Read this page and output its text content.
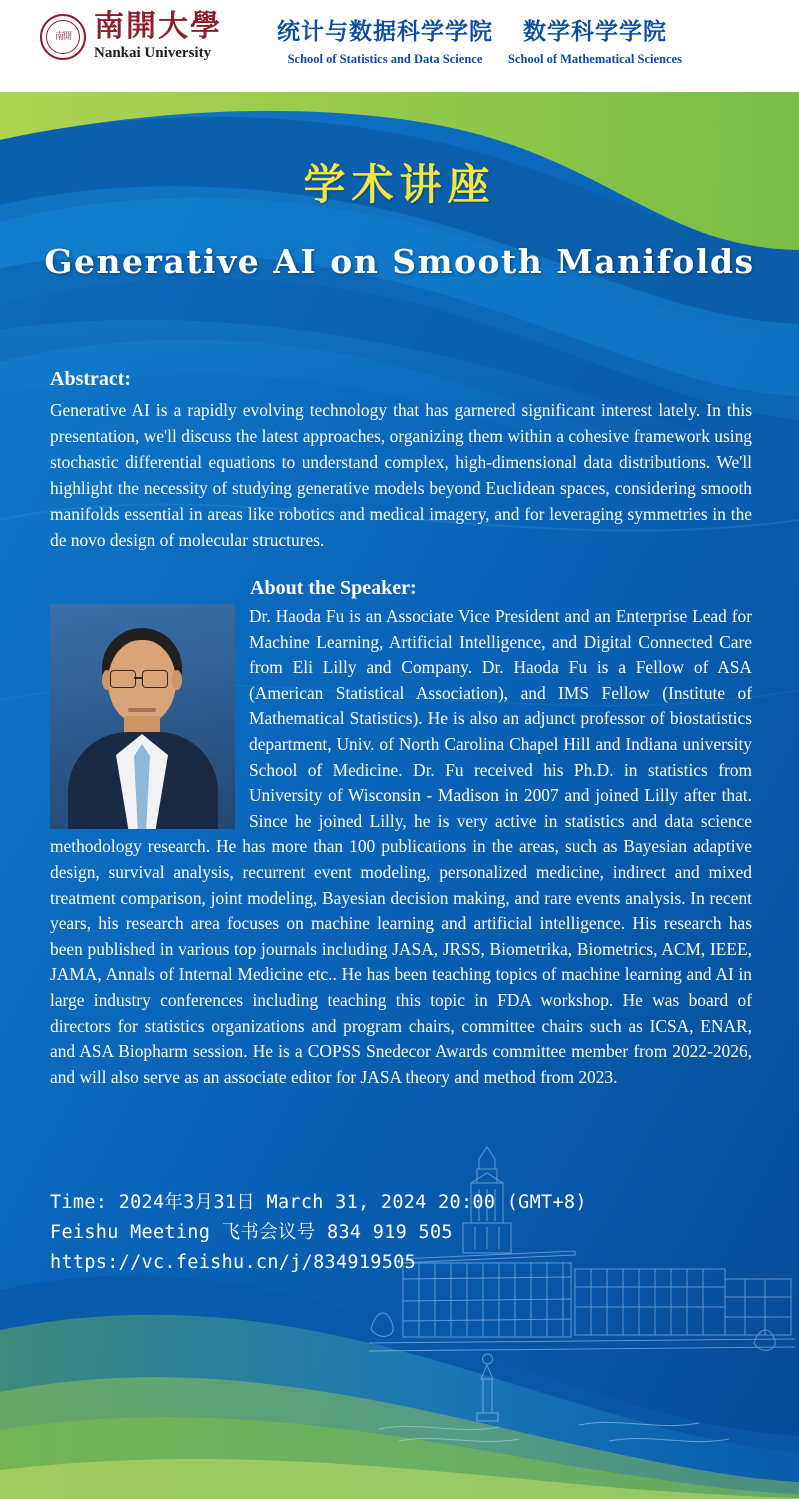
南開 南開大學
Nankai University
统计与数据科学学院
School of Statistics and Data Science
数学科学学院
School of Mathematical Sciences
学术讲座
Generative AI on Smooth Manifolds
Abstract:

Generative AI is a rapidly evolving technology that has garnered significant interest lately. In this presentation, we'll discuss the latest approaches, organizing them within a cohesive framework using stochastic differential equations to understand complex, high-dimensional data distributions. We'll highlight the necessity of studying generative models beyond Euclidean spaces, considering smooth manifolds essential in areas like robotics and medical imagery, and for leveraging symmetries in the de novo design of molecular structures.

About the Speaker:

Dr. Haoda Fu is an Associate Vice President and an Enterprise Lead for Machine Learning, Artificial Intelligence, and Digital Connected Care from Eli Lilly and Company. Dr. Haoda Fu is a Fellow of ASA (American Statistical Association), and IMS Fellow (Institute of Mathematical Statistics). He is also an adjunct professor of biostatistics department, Univ. of North Carolina Chapel Hill and Indiana university School of Medicine. Dr. Fu received his Ph.D. in statistics from University of Wisconsin - Madison in 2007 and joined Lilly after that. Since he joined Lilly, he is very active in statistics and data science methodology research. He has more than 100 publications in the areas, such as Bayesian adaptive design, survival analysis, recurrent event modeling, personalized medicine, indirect and mixed treatment comparison, joint modeling, Bayesian decision making, and rare events analysis. In recent years, his research area focuses on machine learning and artificial intelligence. His research has been published in various top journals including JASA, JRSS, Biometrika, Biometrics, ACM, IEEE, JAMA, Annals of Internal Medicine etc.. He has been teaching topics of machine learning and AI in large industry conferences including teaching this topic in FDA workshop. He was board of directors for statistics organizations and program chairs, committee chairs such as ICSA, ENAR, and ASA Biopharm session. He is a COPSS Snedecor Awards committee member from 2022-2026, and will also serve as an associate editor for JASA theory and method from 2023.

Time: 2024年3月31日 March 31, 2024 20:00 (GMT+8)
Feishu Meeting 飞书会议号 834 919 505
https://vc.feishu.cn/j/834919505
